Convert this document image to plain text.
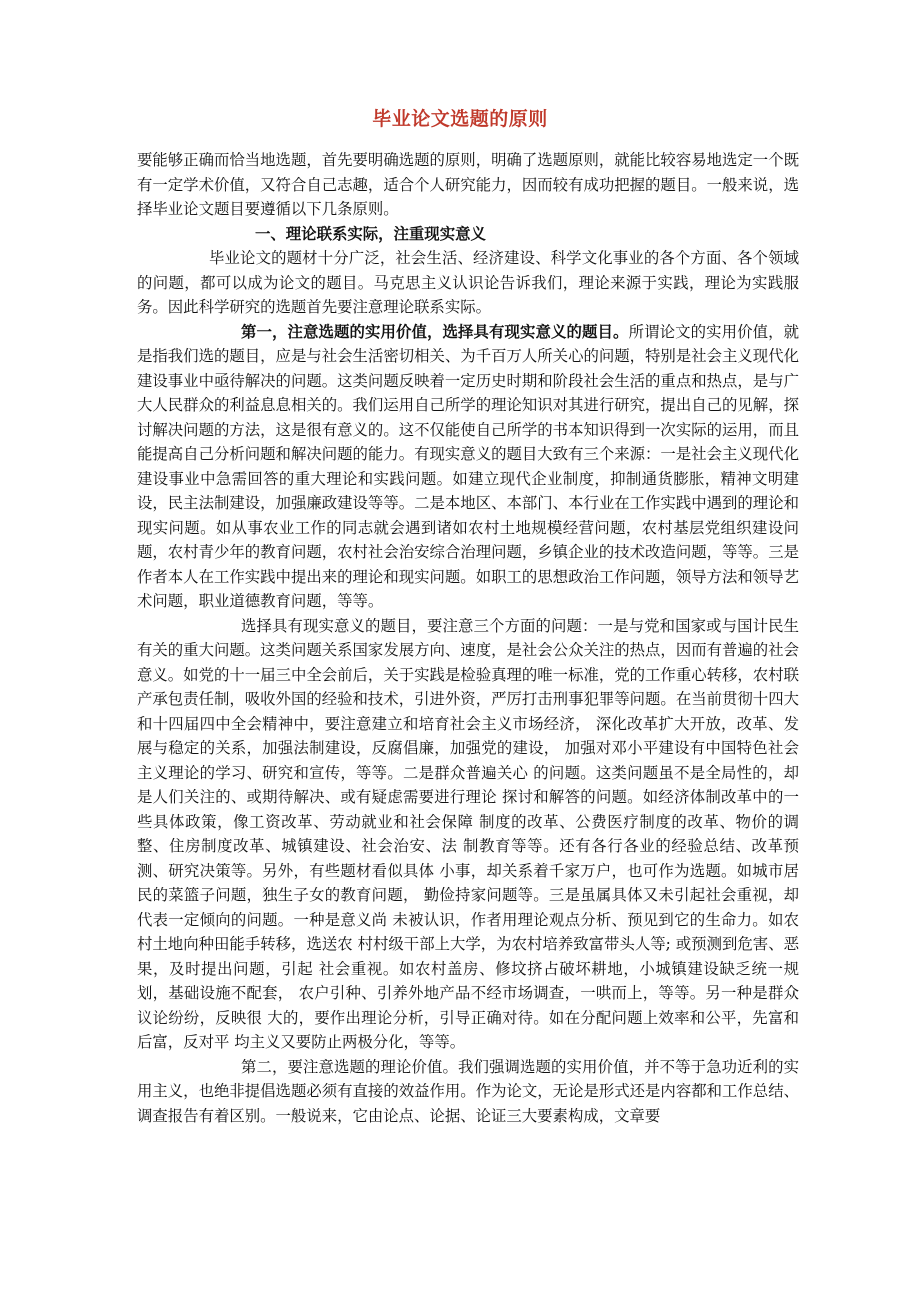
毕业论文选题的原则

要能够正确而恰当地选题，首先要明确选题的原则，明确了选题原则，就能比较容易地选定一个既有一定学术价值，又符合自己志趣，适合个人研究能力，因而较有成功把握的题目。一般来说，选择毕业论文题目要遵循以下几条原则。

一、理论联系实际，注重现实意义

毕业论文的题材十分广泛，社会生活、经济建设、科学文化事业的各个方面、各个领域的问题，都可以成为论文的题目。马克思主义认识论告诉我们，理论来源于实践，理论为实践服务。因此科学研究的选题首先要注意理论联系实际。

第一，注意选题的实用价值，选择具有现实意义的题目。所谓论文的实用价值，就是指我们选的题目，应是与社会生活密切相关、为千百万人所关心的问题，特别是社会主义现代化建设事业中亟待解决的问题。这类问题反映着一定历史时期和阶段社会生活的重点和热点，是与广大人民群众的利益息息相关的。我们运用自己所学的理论知识对其进行研究，提出自己的见解，探讨解决问题的方法，这是很有意义的。这不仅能使自己所学的书本知识得到一次实际的运用，而且能提高自己分析问题和解决问题的能力。有现实意义的题目大致有三个来源：一是社会主义现代化建设事业中急需回答的重大理论和实践问题。如建立现代企业制度，抑制通货膨胀，精神文明建设，民主法制建设，加强廉政建设等等。二是本地区、本部门、本行业在工作实践中遇到的理论和现实问题。如从事农业工作的同志就会遇到诸如农村土地规模经营问题，农村基层党组织建设问题，农村青少年的教育问题，农村社会治安综合治理问题，乡镇企业的技术改造问题，等等。三是作者本人在工作实践中提出来的理论和现实问题。如职工的思想政治工作问题，领导方法和领导艺术问题，职业道德教育问题，等等。

选择具有现实意义的题目，要注意三个方面的问题：一是与党和国家或与国计民生有关的重大问题。这类问题关系国家发展方向、速度，是社会公众关注的热点，因而有普遍的社会意义。如党的十一届三中全会前后，关于实践是检验真理的唯一标准，党的工作重心转移，农村联产承包责任制，吸收外国的经验和技术，引进外资，严厉打击刑事犯罪等问题。在当前贯彻十四大和十四届四中全会精神中，要注意建立和培育社会主义市场经济， 深化改革扩大开放，改革、发展与稳定的关系，加强法制建设，反腐倡廉，加强党的建设， 加强对邓小平建设有中国特色社会主义理论的学习、研究和宣传，等等。二是群众普遍关心 的问题。这类问题虽不是全局性的，却是人们关注的、或期待解决、或有疑虑需要进行理论 探讨和解答的问题。如经济体制改革中的一些具体政策，像工资改革、劳动就业和社会保障 制度的改革、公费医疗制度的改革、物价的调整、住房制度改革、城镇建设、社会治安、法 制教育等等。还有各行各业的经验总结、改革预测、研究决策等。另外，有些题材看似具体 小事，却关系着千家万户，也可作为选题。如城市居民的菜篮子问题，独生子女的教育问题， 勤俭持家问题等。三是虽属具体又未引起社会重视，却代表一定倾向的问题。一种是意义尚 未被认识，作者用理论观点分析、预见到它的生命力。如农村土地向种田能手转移，选送农 村村级干部上大学，为农村培养致富带头人等; 或预测到危害、恶果，及时提出问题，引起 社会重视。如农村盖房、修坟挤占破坏耕地，小城镇建设缺乏统一规划，基础设施不配套， 农户引种、引养外地产品不经市场调查，一哄而上，等等。另一种是群众议论纷纷，反映很 大的，要作出理论分析，引导正确对待。如在分配问题上效率和公平，先富和后富，反对平 均主义又要防止两极分化，等等。

第二，要注意选题的理论价值。我们强调选题的实用价值，并不等于急功近利的实用主义，也绝非提倡选题必须有直接的效益作用。作为论文，无论是形式还是内容都和工作总结、调查报告有着区别。一般说来，它由论点、论据、论证三大要素构成，文章要
